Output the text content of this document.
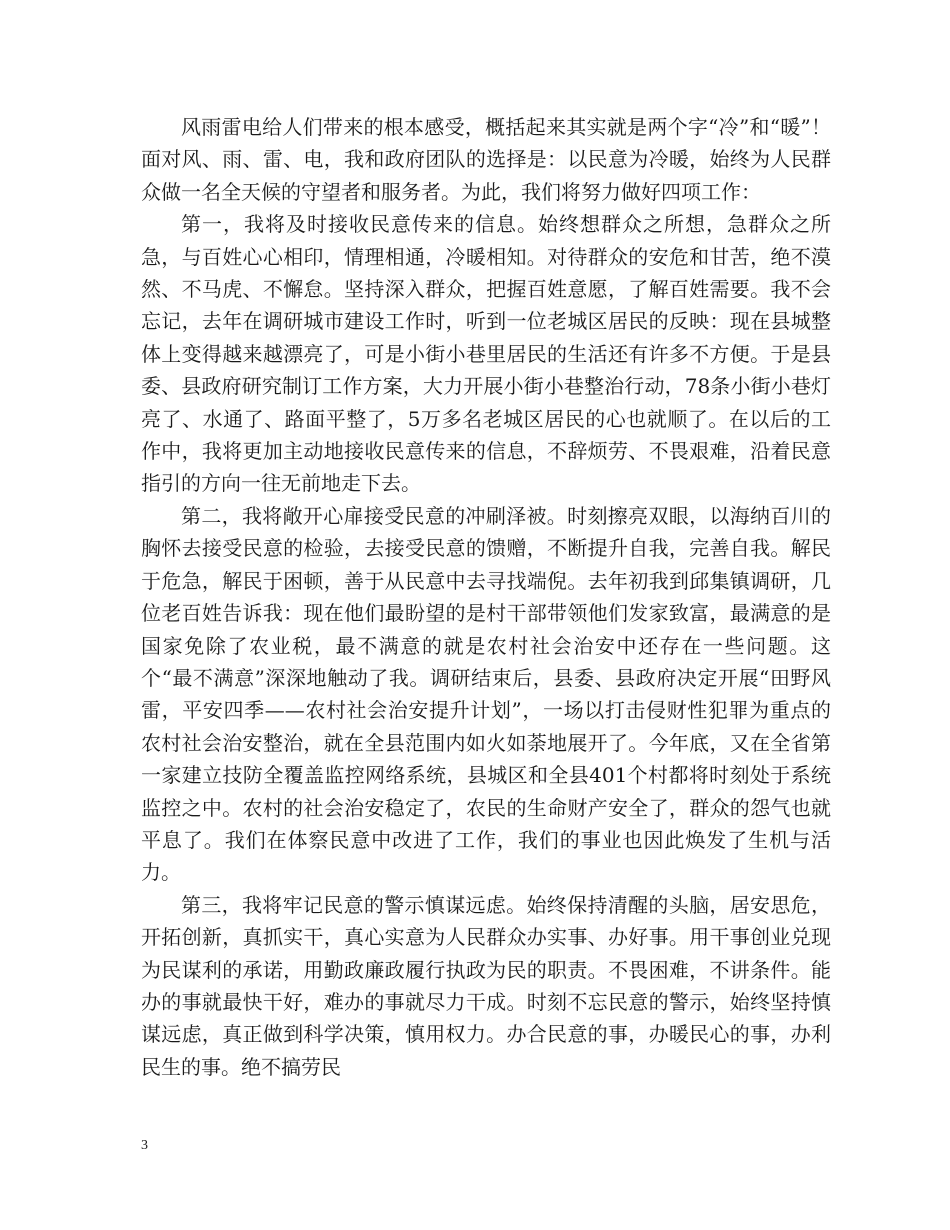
风雨雷电给人们带来的根本感受，概括起来其实就是两个字“冷”和“暖”！面对风、雨、雷、电，我和政府团队的选择是：以民意为冷暖，始终为人民群众做一名全天候的守望者和服务者。为此，我们将努力做好四项工作：

第一，我将及时接收民意传来的信息。始终想群众之所想，急群众之所急，与百姓心心相印，情理相通，冷暖相知。对待群众的安危和甘苦，绝不漠然、不马虎、不懈怠。坚持深入群众，把握百姓意愿，了解百姓需要。我不会忘记，去年在调研城市建设工作时，听到一位老城区居民的反映：现在县城整体上变得越来越漂亮了，可是小街小巷里居民的生活还有许多不方便。于是县委、县政府研究制订工作方案，大力开展小街小巷整治行动，78条小街小巷灯亮了、水通了、路面平整了，5万多名老城区居民的心也就顺了。在以后的工作中，我将更加主动地接收民意传来的信息，不辞烦劳、不畏艰难，沿着民意指引的方向一往无前地走下去。

第二，我将敞开心扉接受民意的冲刷泽被。时刻擦亮双眼，以海纳百川的胸怀去接受民意的检验，去接受民意的馈赠，不断提升自我，完善自我。解民于危急，解民于困顿，善于从民意中去寻找端倪。去年初我到邱集镇调研，几位老百姓告诉我：现在他们最盼望的是村干部带领他们发家致富，最满意的是国家免除了农业税，最不满意的就是农村社会治安中还存在一些问题。这个“最不满意”深深地触动了我。调研结束后，县委、县政府决定开展“田野风雷，平安四季——农村社会治安提升计划”，一场以打击侵财性犯罪为重点的农村社会治安整治，就在全县范围内如火如荼地展开了。今年底，又在全省第一家建立技防全覆盖监控网络系统，县城区和全县401个村都将时刻处于系统监控之中。农村的社会治安稳定了，农民的生命财产安全了，群众的怨气也就平息了。我们在体察民意中改进了工作，我们的事业也因此焕发了生机与活力。

第三，我将牢记民意的警示慎谋远虑。始终保持清醒的头脑，居安思危，开拓创新，真抓实干，真心实意为人民群众办实事、办好事。用干事创业兑现为民谋利的承诺，用勤政廉政履行执政为民的职责。不畏困难，不讲条件。能办的事就最快干好，难办的事就尽力干成。时刻不忘民意的警示，始终坚持慎谋远虑，真正做到科学决策，慎用权力。办合民意的事，办暖民心的事，办利民生的事。绝不搞劳民

3
